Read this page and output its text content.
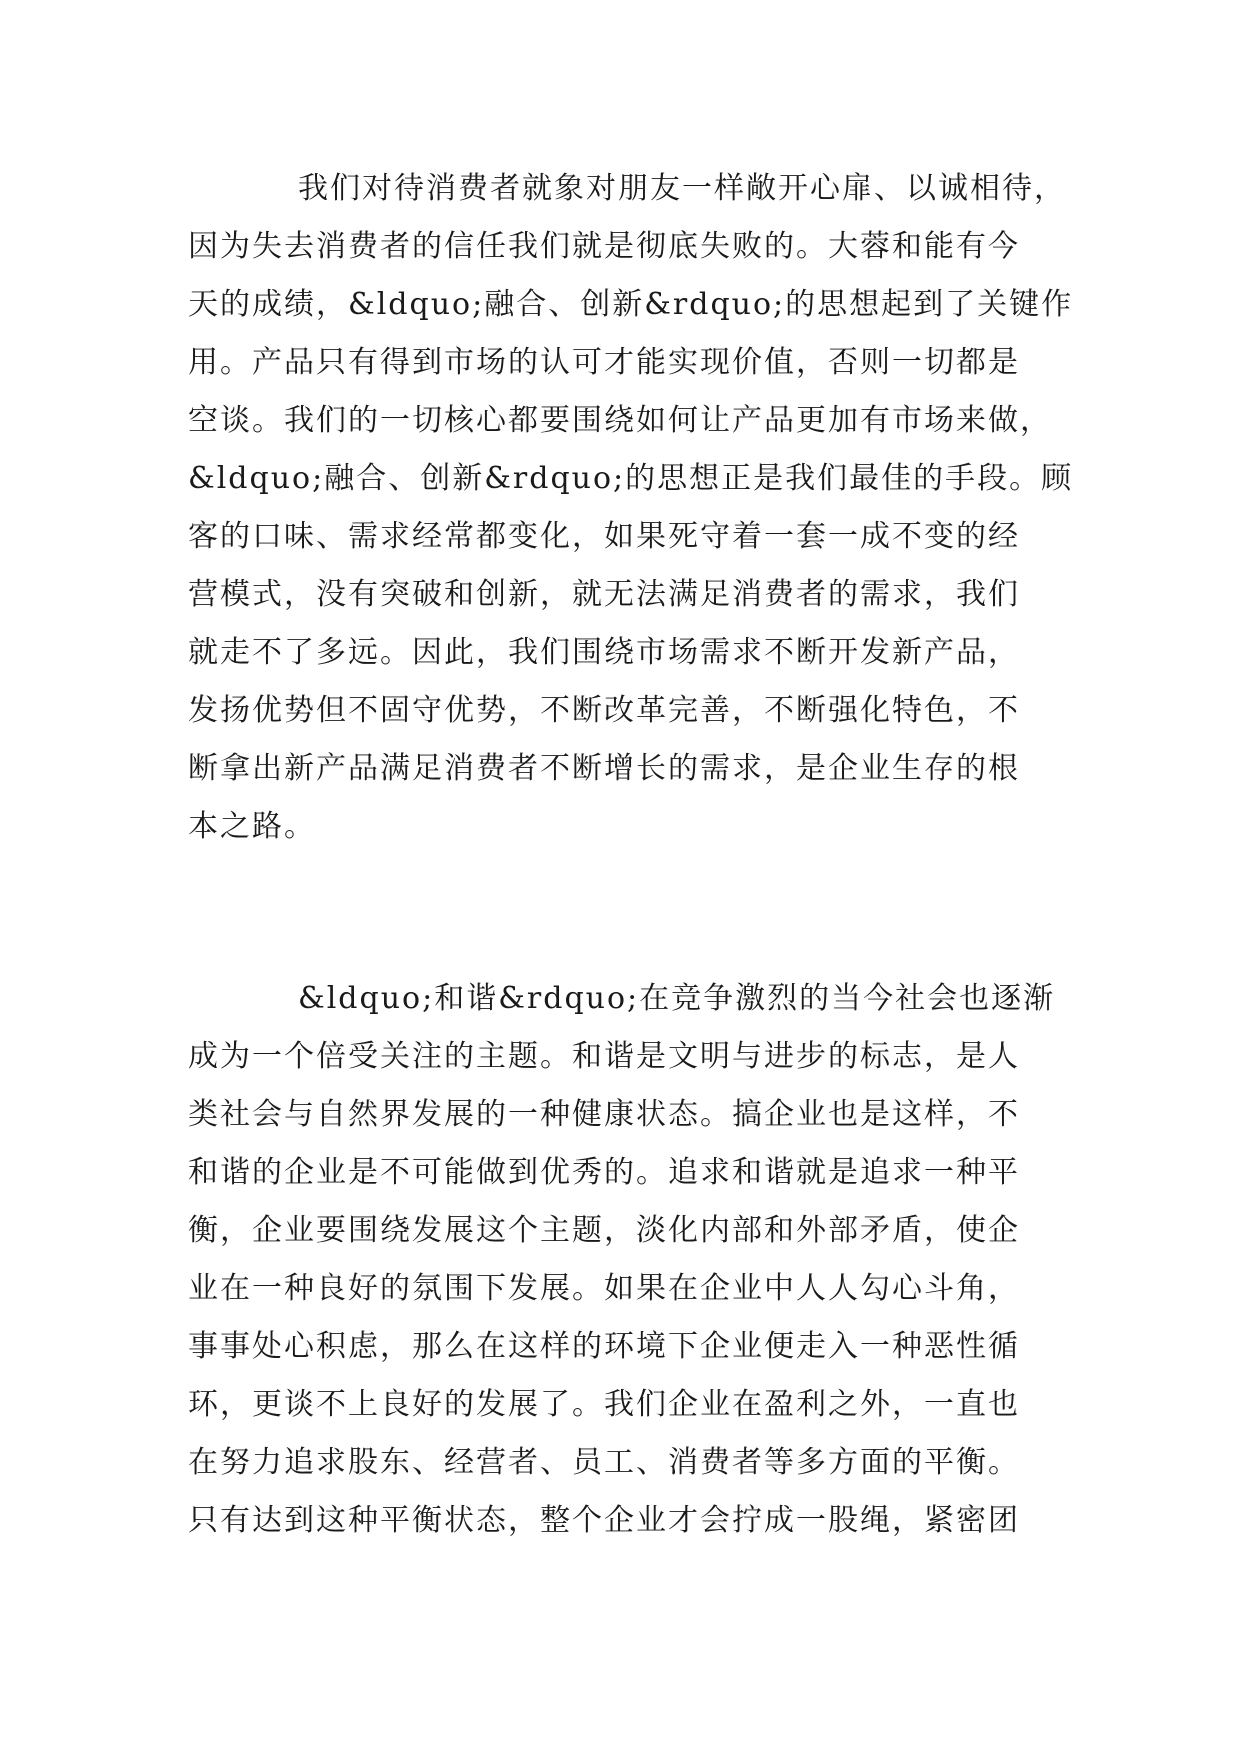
我们对待消费者就象对朋友一样敞开心扉、以诚相待，
因为失去消费者的信任我们就是彻底失败的。大蓉和能有今
天的成绩，&ldquo;融合、创新&rdquo;的思想起到了关键作
用。产品只有得到市场的认可才能实现价值，否则一切都是
空谈。我们的一切核心都要围绕如何让产品更加有市场来做，
&ldquo;融合、创新&rdquo;的思想正是我们最佳的手段。顾
客的口味、需求经常都变化，如果死守着一套一成不变的经
营模式，没有突破和创新，就无法满足消费者的需求，我们
就走不了多远。因此，我们围绕市场需求不断开发新产品，
发扬优势但不固守优势，不断改革完善，不断强化特色，不
断拿出新产品满足消费者不断增长的需求，是企业生存的根
本之路。
&ldquo;和谐&rdquo;在竞争激烈的当今社会也逐渐
成为一个倍受关注的主题。和谐是文明与进步的标志，是人
类社会与自然界发展的一种健康状态。搞企业也是这样，不
和谐的企业是不可能做到优秀的。追求和谐就是追求一种平
衡，企业要围绕发展这个主题，淡化内部和外部矛盾，使企
业在一种良好的氛围下发展。如果在企业中人人勾心斗角，
事事处心积虑，那么在这样的环境下企业便走入一种恶性循
环，更谈不上良好的发展了。我们企业在盈利之外，一直也
在努力追求股东、经营者、员工、消费者等多方面的平衡。
只有达到这种平衡状态，整个企业才会拧成一股绳，紧密团
